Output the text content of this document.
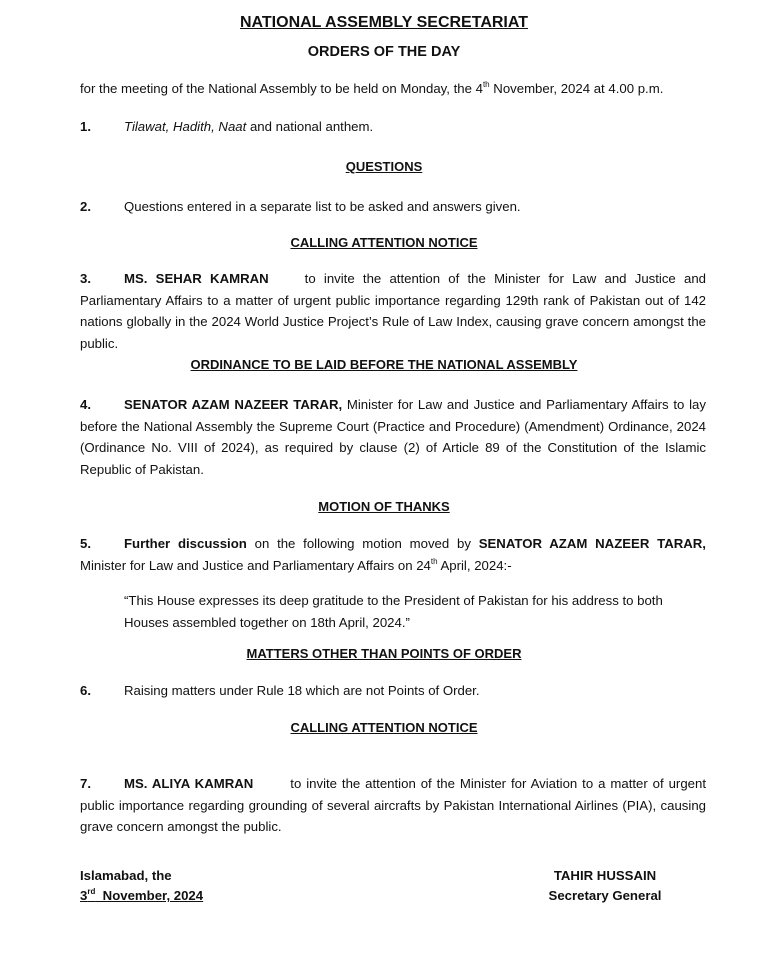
NATIONAL ASSEMBLY SECRETARIAT
ORDERS OF THE DAY
for the meeting of the National Assembly to be held on Monday, the 4th November, 2024 at 4.00 p.m.
1.	Tilawat, Hadith, Naat and national anthem.
QUESTIONS
2.	Questions entered in a separate list to be asked and answers given.
CALLING ATTENTION NOTICE
3.	MS. SEHAR KAMRAN	to invite the attention of the Minister for Law and Justice and Parliamentary Affairs to a matter of urgent public importance regarding 129th rank of Pakistan out of 142 nations globally in the 2024 World Justice Project’s Rule of Law Index, causing grave concern amongst the public.
ORDINANCE TO BE LAID BEFORE THE NATIONAL ASSEMBLY
4.	SENATOR AZAM NAZEER TARAR, Minister for Law and Justice and Parliamentary Affairs to lay before the National Assembly the Supreme Court (Practice and Procedure) (Amendment) Ordinance, 2024 (Ordinance No. VIII of 2024), as required by clause (2) of Article 89 of the Constitution of the Islamic Republic of Pakistan.
MOTION OF THANKS
5.	Further discussion on the following motion moved by SENATOR AZAM NAZEER TARAR, Minister for Law and Justice and Parliamentary Affairs on 24th April, 2024:-
“This House expresses its deep gratitude to the President of Pakistan for his address to both Houses assembled together on 18th April, 2024.”
MATTERS OTHER THAN POINTS OF ORDER
6.	Raising matters under Rule 18 which are not Points of Order.
CALLING ATTENTION NOTICE
7.	MS. ALIYA KAMRAN	to invite the attention of the Minister for Aviation to a matter of urgent public importance regarding grounding of several aircrafts by Pakistan International Airlines (PIA), causing grave concern amongst the public.
Islamabad, the
3rd  November, 2024
TAHIR HUSSAIN
Secretary General
